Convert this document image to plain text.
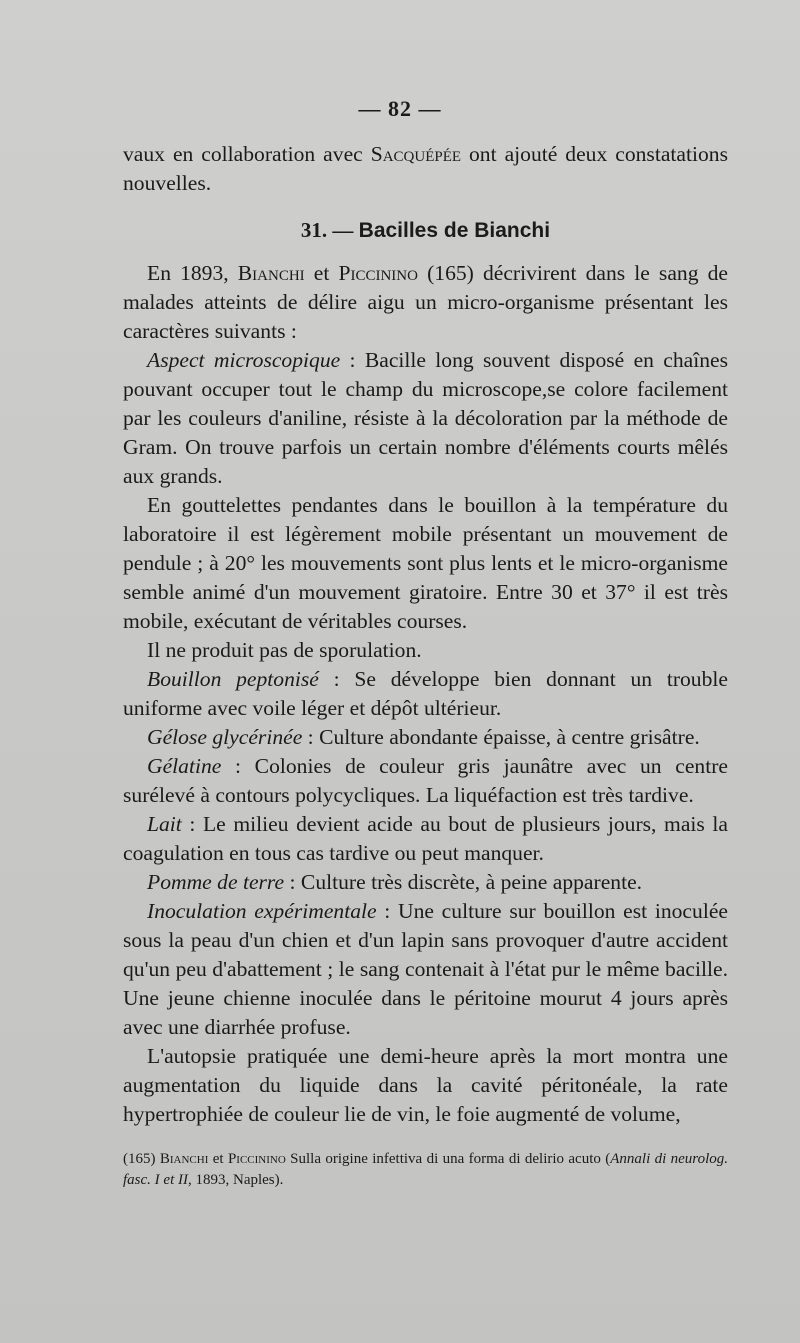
— 82 —

vaux en collaboration avec Sacquépée ont ajouté deux constatations nouvelles.

31. — Bacilles de Bianchi

En 1893, Bianchi et Piccinino (165) décrivirent dans le sang de malades atteints de délire aigu un micro-organisme présentant les caractères suivants :

Aspect microscopique : Bacille long souvent disposé en chaînes pouvant occuper tout le champ du microscope,se colore facilement par les couleurs d'aniline, résiste à la décoloration par la méthode de Gram. On trouve parfois un certain nombre d'éléments courts mêlés aux grands.

En gouttelettes pendantes dans le bouillon à la température du laboratoire il est légèrement mobile présentant un mouvement de pendule ; à 20° les mouvements sont plus lents et le micro-organisme semble animé d'un mouvement giratoire. Entre 30 et 37° il est très mobile, exécutant de véritables courses.

Il ne produit pas de sporulation.

Bouillon peptonisé : Se développe bien donnant un trouble uniforme avec voile léger et dépôt ultérieur.

Gélose glycérinée : Culture abondante épaisse, à centre grisâtre.

Gélatine : Colonies de couleur gris jaunâtre avec un centre surélevé à contours polycycliques. La liquéfaction est très tardive.

Lait : Le milieu devient acide au bout de plusieurs jours, mais la coagulation en tous cas tardive ou peut manquer.

Pomme de terre : Culture très discrète, à peine apparente.

Inoculation expérimentale : Une culture sur bouillon est inoculée sous la peau d'un chien et d'un lapin sans provoquer d'autre accident qu'un peu d'abattement ; le sang contenait à l'état pur le même bacille. Une jeune chienne inoculée dans le péritoine mourut 4 jours après avec une diarrhée profuse.

L'autopsie pratiquée une demi-heure après la mort montra une augmentation du liquide dans la cavité péritonéale, la rate hypertrophiée de couleur lie de vin, le foie augmenté de volume,

(165) Bianchi et Piccinino Sulla origine infettiva di una forma di delirio acuto (Annali di neurolog. fasc. I et II, 1893, Naples).
